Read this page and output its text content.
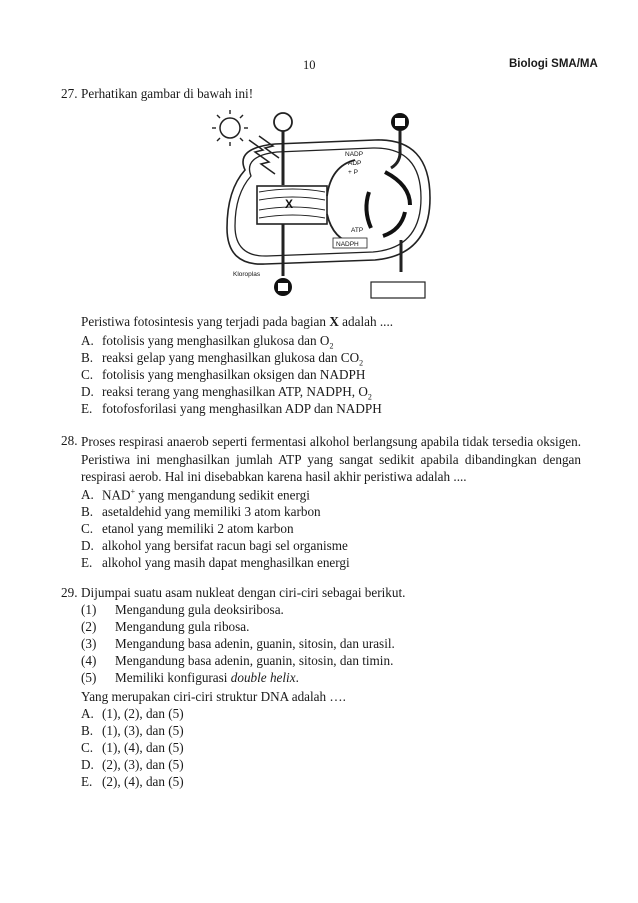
10	Biologi SMA/MA
27. Perhatikan gambar di bawah ini!
X
NADP
ADP
+ P
ATP
NADPH
Kloroplas
Peristiwa fotosintesis yang terjadi pada bagian X adalah ....
A. fotolisis yang menghasilkan glukosa dan $O_2$
B. reaksi gelap yang menghasilkan glukosa dan $CO_2$
C. fotolisis yang menghasilkan oksigen dan NADPH
D. reaksi terang yang menghasilkan ATP, NADPH, $O_2$
E. fotofosforilasi yang menghasilkan ADP dan NADPH
28. Proses respirasi anaerob seperti fermentasi alkohol berlangsung apabila tidak tersedia oksigen. Peristiwa ini menghasilkan jumlah ATP yang sangat sedikit apabila dibandingkan dengan respirasi aerob. Hal ini disebabkan karena hasil akhir peristiwa adalah ....
A. NAD+ yang mengandung sedikit energi
B. asetaldehid yang memiliki 3 atom karbon
C. etanol yang memiliki 2 atom karbon
D. alkohol yang bersifat racun bagi sel organisme
E. alkohol yang masih dapat menghasilkan energi
29. Dijumpai suatu asam nukleat dengan ciri-ciri sebagai berikut.
(1) Mengandung gula deoksiribosa.
(2) Mengandung gula ribosa.
(3) Mengandung basa adenin, guanin, sitosin, dan urasil.
(4) Mengandung basa adenin, guanin, sitosin, dan timin.
(5) Memiliki konfigurasi double helix.
Yang merupakan ciri-ciri struktur DNA adalah ….
A. (1), (2), dan (5)
B. (1), (3), dan (5)
C. (1), (4), dan (5)
D. (2), (3), dan (5)
E. (2), (4), dan (5)
